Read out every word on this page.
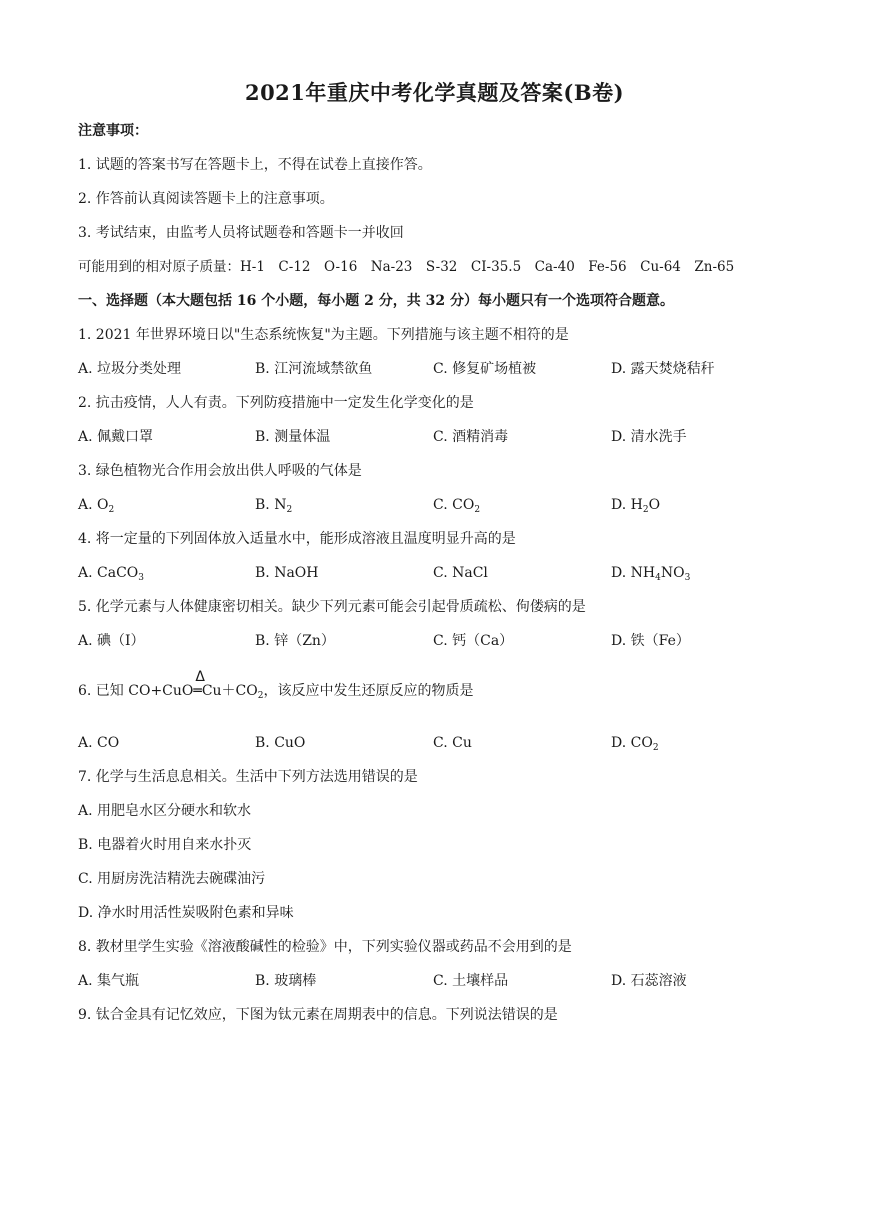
2021年重庆中考化学真题及答案(B卷)
注意事项：
1. 试题的答案书写在答题卡上，不得在试卷上直接作答。
2. 作答前认真阅读答题卡上的注意事项。
3. 考试结束，由监考人员将试题卷和答题卡一并收回
可能用到的相对原子质量：H-1　C-12　O-16　Na-23　S-32　CI-35.5　Ca-40　Fe-56　Cu-64　Zn-65
一、选择题（本大题包括 16 个小题，每小题 2 分，共 32 分）每小题只有一个选项符合题意。
1. 2021 年世界环境日以"生态系统恢复"为主题。下列措施与该主题不相符的是
A. 垃圾分类处理	B. 江河流域禁欲鱼	C. 修复矿场植被	D. 露天焚烧秸秆
2. 抗击疫情，人人有责。下列防疫措施中一定发生化学变化的是
A. 佩戴口罩	B. 测量体温	C. 酒精消毒	D. 清水洗手
3. 绿色植物光合作用会放出供人呼吸的气体是
A. $O_2$	B. $N_2$	C. $CO_2$	D. $H_2O$
4. 将一定量的下列固体放入适量水中，能形成溶液且温度明显升高的是
A. CaCO$_3$	B. NaOH	C. NaCl	D. $NH_4NO_3$
5. 化学元素与人体健康密切相关。缺少下列元素可能会引起骨质疏松、佝偻病的是
A. 碘（I）	B. 锌（Zn）	C. 钙（Ca）	D. 铁（Fe）
6. 已知 CO+CuO
Δ
$═Cu+CO_2$，该反应中发生还原反应的物质是
A. CO	B. CuO	C. Cu	D. $CO_2$
7. 化学与生活息息相关。生活中下列方法选用错误的是
A. 用肥皂水区分硬水和软水
B. 电器着火时用自来水扑灭
C. 用厨房洗洁精洗去碗碟油污
D. 净水时用活性炭吸附色素和异味
8. 教材里学生实验《溶液酸碱性的检验》中，下列实验仪器或药品不会用到的是
A. 集气瓶	B. 玻璃棒	C. 土壤样品	D. 石蕊溶液
9. 钛合金具有记忆效应，下图为钛元素在周期表中的信息。下列说法错误的是
